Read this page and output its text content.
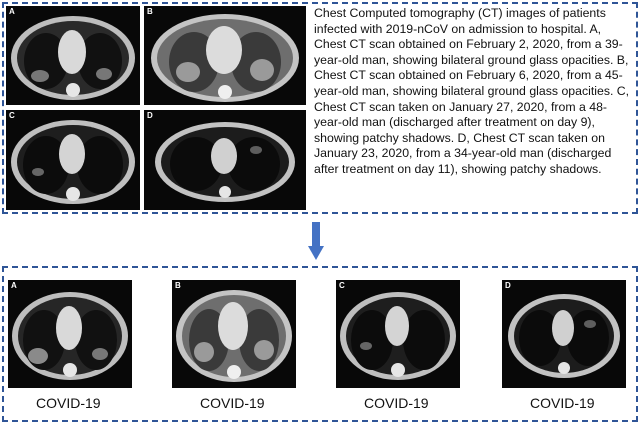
A	B
C	D
Chest Computed tomography (CT) images of patients infected with 2019-nCoV on admission to hospital. A, Chest CT scan obtained on February 2, 2020, from a 39-year-old man, showing bilateral ground glass opacities. B, Chest CT scan obtained on February 6, 2020, from a 45-year-old man, showing bilateral ground glass opacities. C, Chest CT scan taken on January 27, 2020, from a 48-year-old man (discharged after treatment on day 9), showing patchy shadows. D, Chest CT scan taken on January 23, 2020, from a 34-year-old man (discharged after treatment on day 11), showing patchy shadows.
A	B	C	D
COVID-19	COVID-19	COVID-19	COVID-19
